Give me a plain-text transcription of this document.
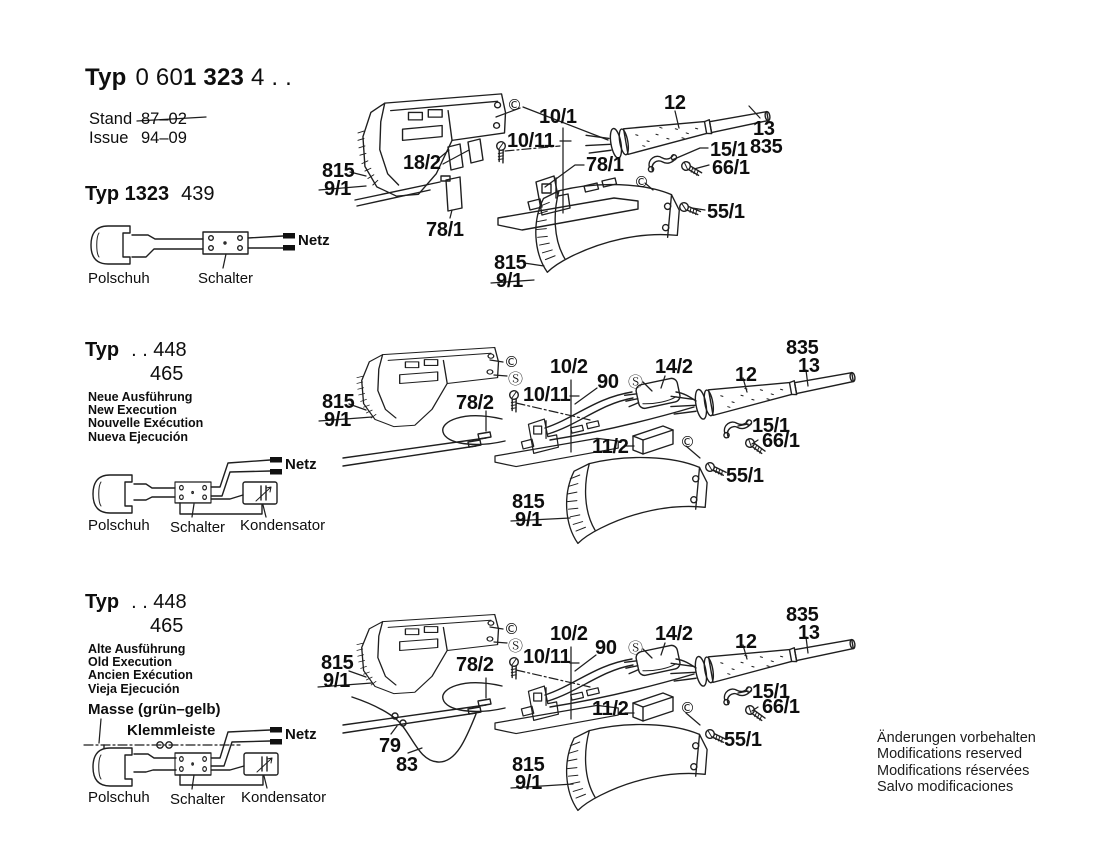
Typ 0 601 323 4 . .
Stand 87–02
Issue 94–09
Typ 1323 439
815
9/1
Polschuh	Schalter
Netz
18/2
10/1
10/11
78/1
78/1
12
13
835
15/1
66/1
55/1
815
9/1
©
©
Typ . . 448
465
Neue Ausführung
New Execution
Nouvelle Exécution
Nueva Ejecución
815
9/1
Polschuh Schalter Kondensator
Netz
78/2
10/2
10/11
90
14/2
Ⓢ
©
Ⓢ
11/2	©
12
835
13
15/1
66/1
55/1
815
9/1
Typ . . 448
465
Alte Ausführung
Old Execution
Ancien Exécution
Vieja Ejecución
Masse (grün–gelb)
Klemmleiste
815
9/1
Polschuh Schalter Kondensator
Netz
78/2
10/2
10/11 90
14/2
Ⓢ
©
Ⓢ
11/2	©
79
83
12
835
13
15/1
66/1
55/1
815
9/1
Änderungen vorbehalten
Modifications reserved
Modifications réservées
Salvo modificaciones
